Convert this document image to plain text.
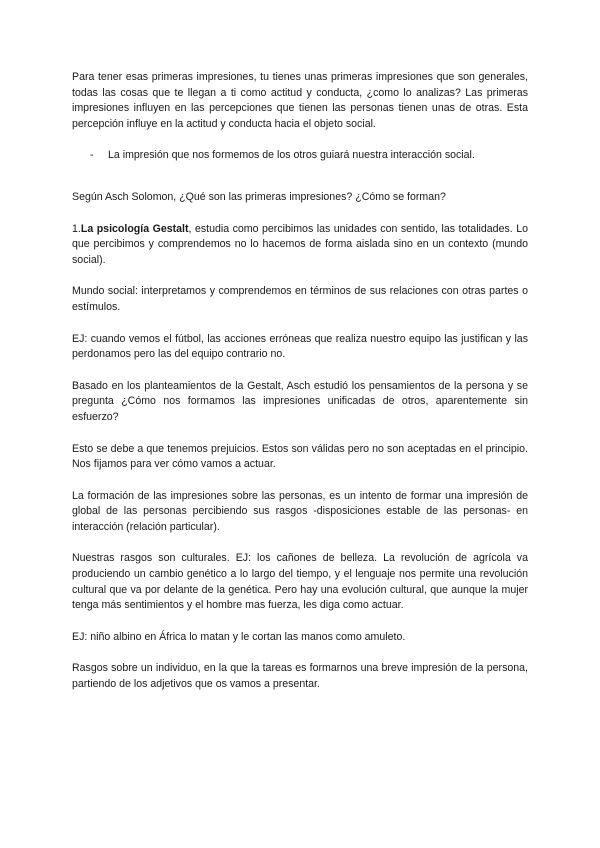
Para tener esas primeras impresiones, tu tienes unas primeras impresiones que son generales, todas las cosas que te llegan a ti como actitud y conducta, ¿como lo analizas? Las primeras impresiones influyen en las percepciones que tienen las personas tienen unas de otras. Esta percepción influye en la actitud y conducta hacia el objeto social.

-	La impresión que nos formemos de los otros guiará nuestra interacción social.

Según Asch Solomon, ¿Qué son las primeras impresiones? ¿Cómo se forman?

1.La psicología Gestalt, estudia como percibimos las unidades con sentido, las totalidades. Lo que percibimos y comprendemos no lo hacemos de forma aislada sino en un contexto (mundo social).

Mundo social: interpretamos y comprendemos en términos de sus relaciones con otras partes o estímulos.

EJ: cuando vemos el fútbol, las acciones erróneas que realiza nuestro equipo las justifican y las perdonamos pero las del equipo contrario no.

Basado en los planteamientos de la Gestalt, Asch estudió los pensamientos de la persona y se pregunta ¿Cómo nos formamos las impresiones unificadas de otros, aparentemente sin esfuerzo?

Esto se debe a que tenemos prejuicios. Estos son válidas pero no son aceptadas en el principio. Nos fijamos para ver cómo vamos a actuar.

La formación de las impresiones sobre las personas, es un intento de formar una impresión de global de las personas percibiendo sus rasgos -disposiciones estable de las personas- en interacción (relación particular).

Nuestras rasgos son culturales. EJ: los cañones de belleza. La revolución de agrícola va produciendo un cambio genético a lo largo del tiempo, y el lenguaje nos permite una revolución cultural que va por delante de la genética. Pero hay una evolución cultural, que aunque la mujer tenga más sentimientos y el hombre mas fuerza, les diga como actuar.

EJ: niño albino en África lo matan y le cortan las manos como amuleto.

Rasgos sobre un individuo, en la que la tareas es formarnos una breve impresión de la persona, partiendo de los adjetivos que os vamos a presentar.
